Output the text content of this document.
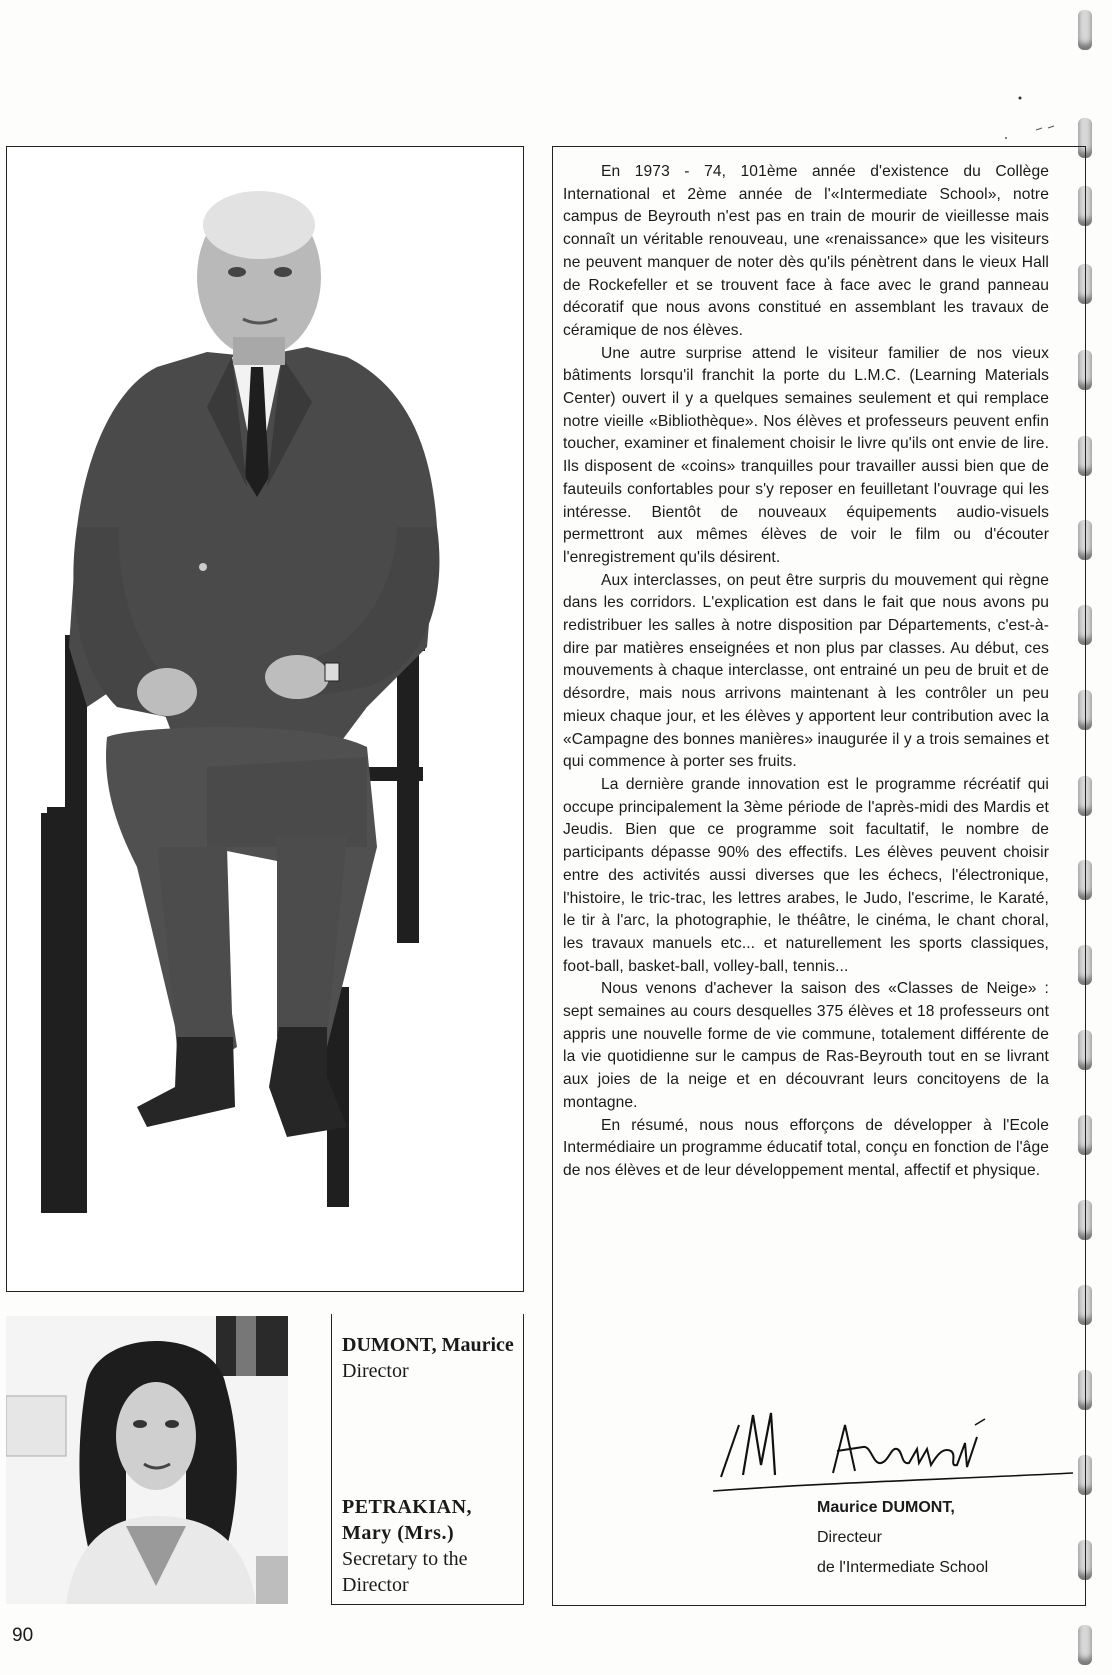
DUMONT, Maurice
Director
PETRAKIAN,
Mary (Mrs.)
Secretary to the
Director

En 1973 - 74, 101ème année d'existence du Collège International et 2ème année de l'«Intermediate School», notre campus de Beyrouth n'est pas en train de mourir de vieillesse mais connaît un véritable renouveau, une «renaissance» que les visiteurs ne peuvent manquer de noter dès qu'ils pénètrent dans le vieux Hall de Rockefeller et se trouvent face à face avec le grand panneau décoratif que nous avons constitué en assemblant les travaux de céramique de nos élèves.

Une autre surprise attend le visiteur familier de nos vieux bâtiments lorsqu'il franchit la porte du L.M.C. (Learning Materials Center) ouvert il y a quelques semaines seulement et qui remplace notre vieille «Bibliothèque». Nos élèves et professeurs peuvent enfin toucher, examiner et finalement choisir le livre qu'ils ont envie de lire. Ils disposent de «coins» tranquilles pour travailler aussi bien que de fauteuils confortables pour s'y reposer en feuilletant l'ouvrage qui les intéresse. Bientôt de nouveaux équipements audio-visuels permettront aux mêmes élèves de voir le film ou d'écouter l'enregistrement qu'ils désirent.

Aux interclasses, on peut être surpris du mouvement qui règne dans les corridors. L'explication est dans le fait que nous avons pu redistribuer les salles à notre disposition par Départements, c'est-à-dire par matières enseignées et non plus par classes. Au début, ces mouvements à chaque interclasse, ont entrainé un peu de bruit et de désordre, mais nous arrivons maintenant à les contrôler un peu mieux chaque jour, et les élèves y apportent leur contribution avec la «Campagne des bonnes manières» inaugurée il y a trois semaines et qui commence à porter ses fruits.

La dernière grande innovation est le programme récréatif qui occupe principalement la 3ème période de l'après-midi des Mardis et Jeudis. Bien que ce programme soit facultatif, le nombre de participants dépasse 90% des effectifs. Les élèves peuvent choisir entre des activités aussi diverses que les échecs, l'électronique, l'histoire, le tric-trac, les lettres arabes, le Judo, l'escrime, le Karaté, le tir à l'arc, la photographie, le théâtre, le cinéma, le chant choral, les travaux manuels etc... et naturellement les sports classiques, foot-ball, basket-ball, volley-ball, tennis...

Nous venons d'achever la saison des «Classes de Neige» : sept semaines au cours desquelles 375 élèves et 18 professeurs ont appris une nouvelle forme de vie commune, totalement différente de la vie quotidienne sur le campus de Ras-Beyrouth tout en se livrant aux joies de la neige et en découvrant leurs concitoyens de la montagne.

En résumé, nous nous efforçons de développer à l'Ecole Intermédiaire un programme éducatif total, conçu en fonction de l'âge de nos élèves et de leur développement mental, affectif et physique.

Maurice DUMONT,
Directeur
de l'Intermediate School
90
